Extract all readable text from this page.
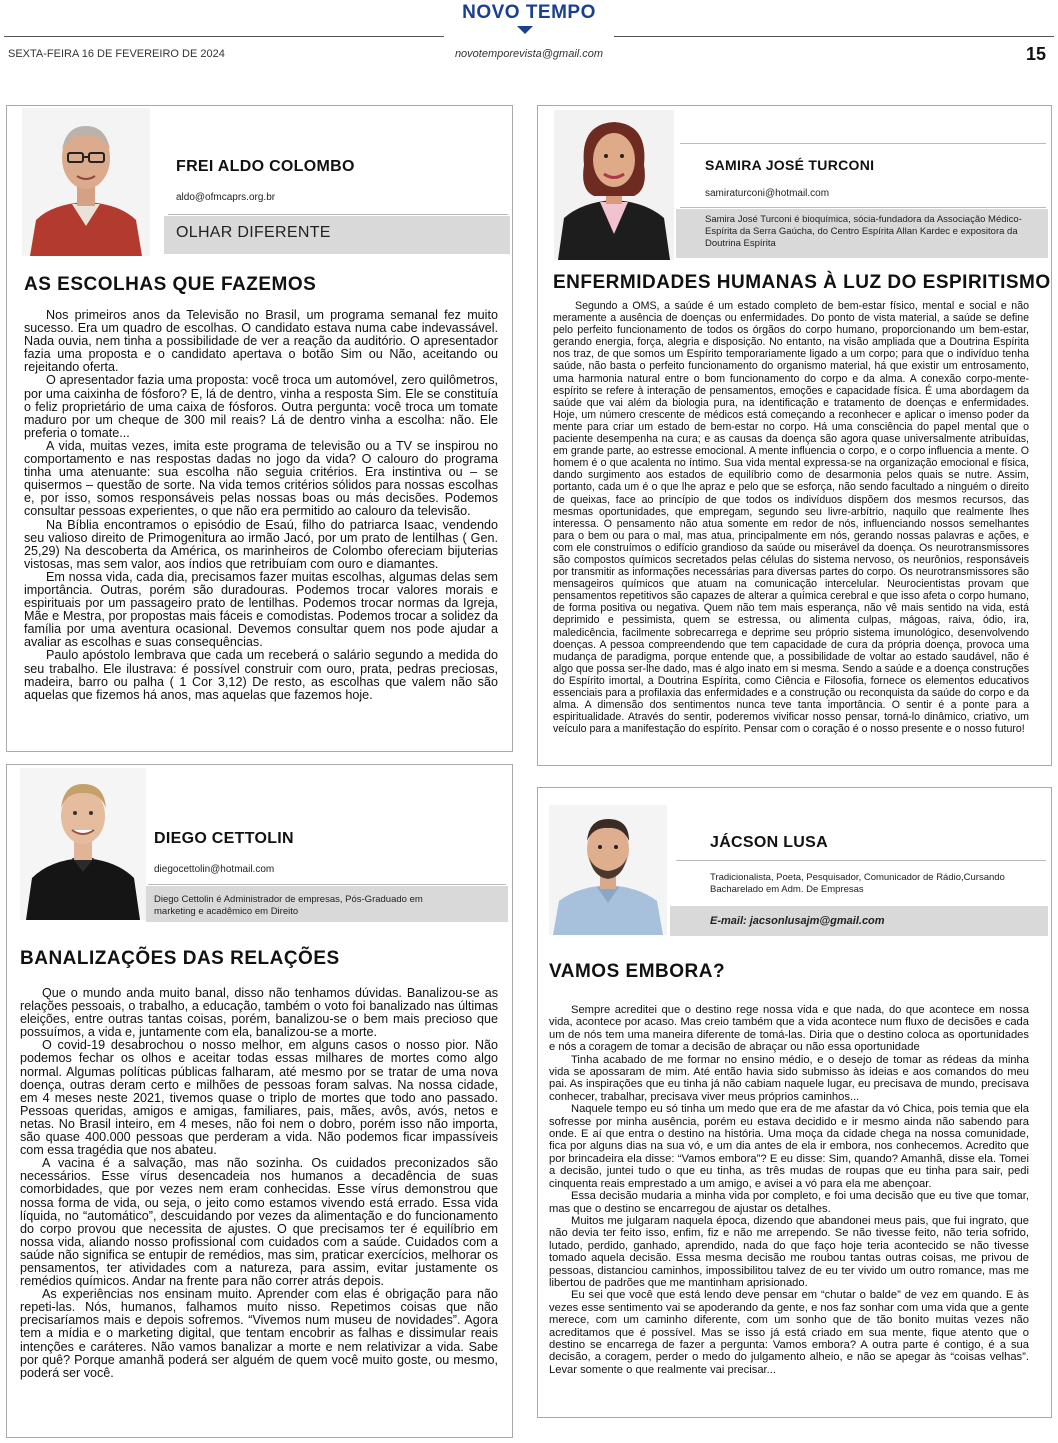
NOVO TEMPO
SEXTA-FEIRA 16 DE FEVEREIRO DE 2024	novotemporevista@gmail.com	15
FREI ALDO COLOMBO
aldo@ofmcaprs.org.br
OLHAR DIFERENTE
AS ESCOLHAS QUE FAZEMOS

Nos primeiros anos da Televisão no Brasil, um programa semanal fez muito sucesso. Era um quadro de escolhas. O candidato estava numa cabe indevassável. Nada ouvia, nem tinha a possibilidade de ver a reação da auditório. O apresentador fazia uma proposta e o candidato apertava o botão Sim ou Não, aceitando ou rejeitando oferta.

O apresentador fazia uma proposta: você troca um automóvel, zero quilômetros, por uma caixinha de fósforo? E, lá de dentro, vinha a resposta Sim. Ele se constituía o feliz proprietário de uma caixa de fósforos. Outra pergunta: você troca um tomate maduro por um cheque de 300 mil reais? Lá de dentro vinha a escolha: não. Ele preferia o tomate...

A vida, muitas vezes, imita este programa de televisão ou a TV se inspirou no comportamento e nas respostas dadas no jogo da vida? O calouro do programa tinha uma atenuante: sua escolha não seguia critérios. Era instintiva ou – se quisermos – questão de sorte. Na vida temos critérios sólidos para nossas escolhas e, por isso, somos responsáveis pelas nossas boas ou más decisões. Podemos consultar pessoas experientes, o que não era permitido ao calouro da televisão.

Na Bíblia encontramos o episódio de Esaú, filho do patriarca Isaac, vendendo seu valioso direito de Primogenitura ao irmão Jacó, por um prato de lentilhas ( Gen. 25,29) Na descoberta da América, os marinheiros de Colombo ofereciam bijuterias vistosas, mas sem valor, aos índios que retribuíam com ouro e diamantes.

Em nossa vida, cada dia, precisamos fazer muitas escolhas, algumas delas sem importância. Outras, porém são duradouras. Podemos trocar valores morais e espirituais por um passageiro prato de lentilhas. Podemos trocar normas da Igreja, Mãe e Mestra, por propostas mais fáceis e comodistas. Podemos trocar a solidez da família por uma aventura ocasional. Devemos consultar quem nos pode ajudar a avaliar as escolhas e suas consequências.

Paulo apóstolo lembrava que cada um receberá o salário segundo a medida do seu trabalho. Ele ilustrava: é possível construir com ouro, prata, pedras preciosas, madeira, barro ou palha ( 1 Cor 3,12) De resto, as escolhas que valem não são aquelas que fizemos há anos, mas aquelas que fazemos hoje.

SAMIRA JOSÉ TURCONI
samiraturconi@hotmail.com
Samira José Turconi é bioquímica, sócia-fundadora da Associação Médico-Espírita da Serra Gaúcha, do Centro Espírita Allan Kardec e expositora da Doutrina Espírita
ENFERMIDADES HUMANAS À LUZ DO ESPIRITISMO

Segundo a OMS, a saúde é um estado completo de bem-estar físico, mental e social e não meramente a ausência de doenças ou enfermidades. Do ponto de vista material, a saúde se define pelo perfeito funcionamento de todos os órgãos do corpo humano, proporcionando um bem-estar, gerando energia, força, alegria e disposição. No entanto, na visão ampliada que a Doutrina Espírita nos traz, de que somos um Espírito temporariamente ligado a um corpo; para que o indivíduo tenha saúde, não basta o perfeito funcionamento do organismo material, há que existir um entrosamento, uma harmonia natural entre o bom funcionamento do corpo e da alma. A conexão corpo-mente-espírito se refere à interação de pensamentos, emoções e capacidade física. É uma abordagem da saúde que vai além da biologia pura, na identificação e tratamento de doenças e enfermidades. Hoje, um número crescente de médicos está começando a reconhecer e aplicar o imenso poder da mente para criar um estado de bem-estar no corpo. Há uma consciência do papel mental que o paciente desempenha na cura; e as causas da doença são agora quase universalmente atribuídas, em grande parte, ao estresse emocional. A mente influencia o corpo, e o corpo influencia a mente. O homem é o que acalenta no íntimo. Sua vida mental expressa-se na organização emocional e física, dando surgimento aos estados de equilíbrio como de desarmonia pelos quais se nutre. Assim, portanto, cada um é o que lhe apraz e pelo que se esforça, não sendo facultado a ninguém o direito de queixas, face ao princípio de que todos os indivíduos dispõem dos mesmos recursos, das mesmas oportunidades, que empregam, segundo seu livre-arbítrio, naquilo que realmente lhes interessa. O pensamento não atua somente em redor de nós, influenciando nossos semelhantes para o bem ou para o mal, mas atua, principalmente em nós, gerando nossas palavras e ações, e com ele construímos o edifício grandioso da saúde ou miserável da doença. Os neurotransmissores são compostos químicos secretados pelas células do sistema nervoso, os neurônios, responsáveis por transmitir as informações necessárias para diversas partes do corpo. Os neurotransmissores são mensageiros químicos que atuam na comunicação intercelular. Neurocientistas provam que pensamentos repetitivos são capazes de alterar a química cerebral e que isso afeta o corpo humano, de forma positiva ou negativa. Quem não tem mais esperança, não vê mais sentido na vida, está deprimido e pessimista, quem se estressa, ou alimenta culpas, mágoas, raiva, ódio, ira, maledicência, facilmente sobrecarrega e deprime seu próprio sistema imunológico, desenvolvendo doenças. A pessoa compreendendo que tem capacidade de cura da própria doença, provoca uma mudança de paradigma, porque entende que, a possibilidade de voltar ao estado saudável, não é algo que possa ser-lhe dado, mas é algo inato em si mesma. Sendo a saúde e a doença construções do Espírito imortal, a Doutrina Espírita, como Ciência e Filosofia, fornece os elementos educativos essenciais para a profilaxia das enfermidades e a construção ou reconquista da saúde do corpo e da alma. A dimensão dos sentimentos nunca teve tanta importância. O sentir é a ponte para a espiritualidade. Através do sentir, poderemos vivificar nosso pensar, torná-lo dinâmico, criativo, um veículo para a manifestação do espírito. Pensar com o coração é o nosso presente e o nosso futuro!

DIEGO CETTOLIN
diegocettolin@hotmail.com
Diego Cettolin é Administrador de empresas, Pós-Graduado em marketing e acadêmico em Direito
BANALIZAÇÕES DAS RELAÇÕES

Que o mundo anda muito banal, disso não tenhamos dúvidas. Banalizou-se as relações pessoais, o trabalho, a educação, também o voto foi banalizado nas últimas eleições, entre outras tantas coisas, porém, banalizou-se o bem mais precioso que possuímos, a vida e, juntamente com ela, banalizou-se a morte.

O covid-19 desabrochou o nosso melhor, em alguns casos o nosso pior. Não podemos fechar os olhos e aceitar todas essas milhares de mortes como algo normal. Algumas políticas públicas falharam, até mesmo por se tratar de uma nova doença, outras deram certo e milhões de pessoas foram salvas. Na nossa cidade, em 4 meses neste 2021, tivemos quase o triplo de mortes que todo ano passado. Pessoas queridas, amigos e amigas, familiares, pais, mães, avôs, avós, netos e netas. No Brasil inteiro, em 4 meses, não foi nem o dobro, porém isso não importa, são quase 400.000 pessoas que perderam a vida. Não podemos ficar impassíveis com essa tragédia que nos abateu.

A vacina é a salvação, mas não sozinha. Os cuidados preconizados são necessários. Esse vírus desencadeia nos humanos a decadência de suas comorbidades, que por vezes nem eram conhecidas. Esse vírus demonstrou que nossa forma de vida, ou seja, o jeito como estamos vivendo está errado. Essa vida líquida, no “automático”, descuidando por vezes da alimentação e do funcionamento do corpo provou que necessita de ajustes. O que precisamos ter é equilíbrio em nossa vida, aliando nosso profissional com cuidados com a saúde. Cuidados com a saúde não significa se entupir de remédios, mas sim, praticar exercícios, melhorar os pensamentos, ter atividades com a natureza, para assim, evitar justamente os remédios químicos. Andar na frente para não correr atrás depois.

As experiências nos ensinam muito. Aprender com elas é obrigação para não repeti-las. Nós, humanos, falhamos muito nisso. Repetimos coisas que não precisaríamos mais e depois sofremos. “Vivemos num museu de novidades”. Agora tem a mídia e o marketing digital, que tentam encobrir as falhas e dissimular reais intenções e caráteres. Não vamos banalizar a morte e nem relativizar a vida. Sabe por quê? Porque amanhã poderá ser alguém de quem você muito goste, ou mesmo, poderá ser você.

JÁCSON LUSA
Tradicionalista, Poeta, Pesquisador, Comunicador de Rádio,Cursando Bacharelado em Adm. De Empresas
E-mail: jacsonlusajm@gmail.com
VAMOS EMBORA?

Sempre acreditei que o destino rege nossa vida e que nada, do que acontece em nossa vida, acontece por acaso. Mas creio também que a vida acontece num fluxo de decisões e cada um de nós tem uma maneira diferente de tomá-las. Diria que o destino coloca as oportunidades e nós a coragem de tomar a decisão de abraçar ou não essa oportunidade

Tinha acabado de me formar no ensino médio, e o desejo de tomar as rédeas da minha vida se apossaram de mim. Até então havia sido submisso às ideias e aos comandos do meu pai. As inspirações que eu tinha já não cabiam naquele lugar, eu precisava de mundo, precisava conhecer, trabalhar, precisava viver meus próprios caminhos...

Naquele tempo eu só tinha um medo que era de me afastar da vó Chica, pois temia que ela sofresse por minha ausência, porém eu estava decidido e ir mesmo ainda não sabendo para onde. E aí que entra o destino na história. Uma moça da cidade chega na nossa comunidade, fica por alguns dias na sua vó, e um dia antes de ela ir embora, nos conhecemos. Acredito que por brincadeira ela disse: “Vamos embora”? E eu disse: Sim, quando? Amanhã, disse ela. Tomei a decisão, juntei tudo o que eu tinha, as três mudas de roupas que eu tinha para sair, pedi cinquenta reais emprestado a um amigo, e avisei a vó para ela me abençoar.

Essa decisão mudaria a minha vida por completo, e foi uma decisão que eu tive que tomar, mas que o destino se encarregou de ajustar os detalhes.

Muitos me julgaram naquela época, dizendo que abandonei meus pais, que fui ingrato, que não devia ter feito isso, enfim, fiz e não me arrependo. Se não tivesse feito, não teria sofrido, lutado, perdido, ganhado, aprendido, nada do que faço hoje teria acontecido se não tivesse tomado aquela decisão. Essa mesma decisão me roubou tantas outras coisas, me privou de pessoas, distanciou caminhos, impossibilitou talvez de eu ter vivido um outro romance, mas me libertou de padrões que me mantinham aprisionado.

Eu sei que você que está lendo deve pensar em “chutar o balde” de vez em quando. E às vezes esse sentimento vai se apoderando da gente, e nos faz sonhar com uma vida que a gente merece, com um caminho diferente, com um sonho que de tão bonito muitas vezes não acreditamos que é possível. Mas se isso já está criado em sua mente, fique atento que o destino se encarrega de fazer a pergunta: Vamos embora? A outra parte é contigo, é a sua decisão, a coragem, perder o medo do julgamento alheio, e não se apegar às “coisas velhas”. Levar somente o que realmente vai precisar...
